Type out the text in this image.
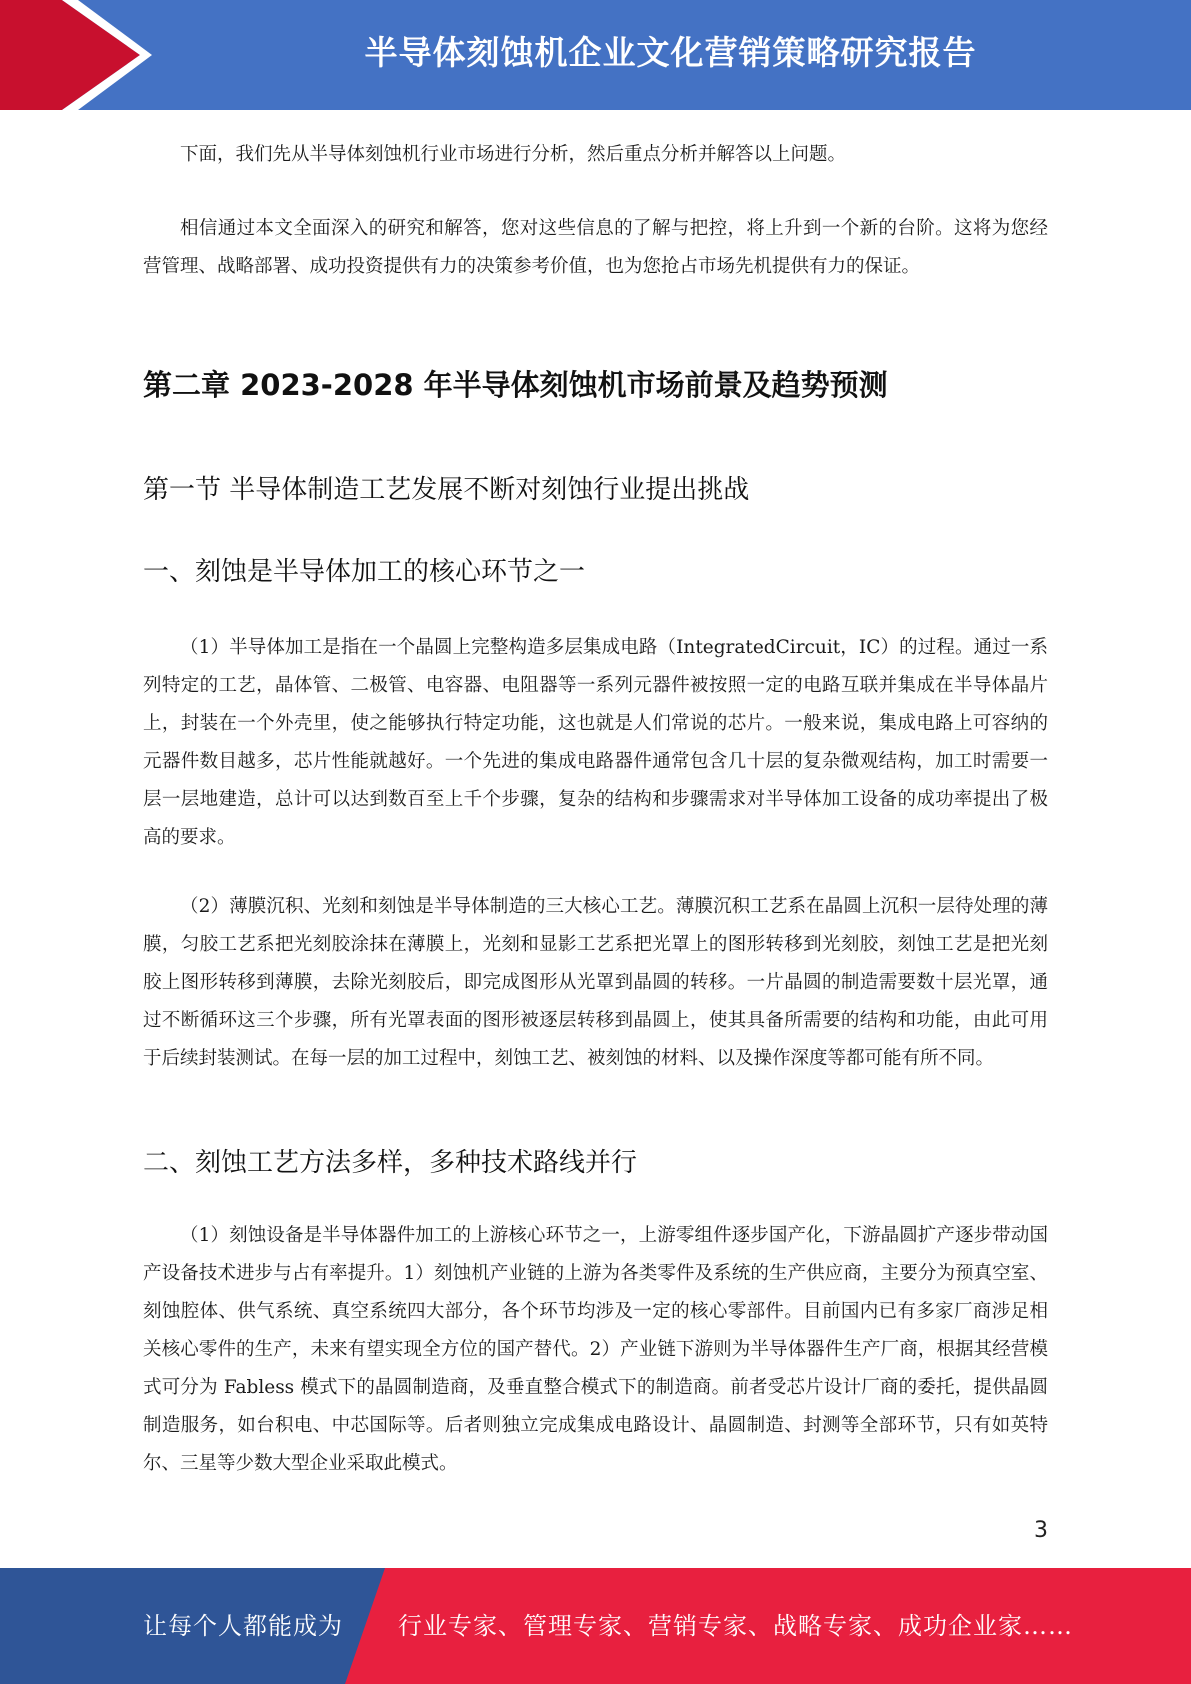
半导体刻蚀机企业文化营销策略研究报告

下面，我们先从半导体刻蚀机行业市场进行分析，然后重点分析并解答以上问题。

相信通过本文全面深入的研究和解答，您对这些信息的了解与把控，将上升到一个新的台阶。这将为您经营管理、战略部署、成功投资提供有力的决策参考价值，也为您抢占市场先机提供有力的保证。

第二章 2023-2028 年半导体刻蚀机市场前景及趋势预测
第一节 半导体制造工艺发展不断对刻蚀行业提出挑战
一、刻蚀是半导体加工的核心环节之一

（1）半导体加工是指在一个晶圆上完整构造多层集成电路（IntegratedCircuit，IC）的过程。通过一系列特定的工艺，晶体管、二极管、电容器、电阻器等一系列元器件被按照一定的电路互联并集成在半导体晶片上，封装在一个外壳里，使之能够执行特定功能，这也就是人们常说的芯片。一般来说，集成电路上可容纳的元器件数目越多，芯片性能就越好。一个先进的集成电路器件通常包含几十层的复杂微观结构，加工时需要一层一层地建造，总计可以达到数百至上千个步骤，复杂的结构和步骤需求对半导体加工设备的成功率提出了极高的要求。

（2）薄膜沉积、光刻和刻蚀是半导体制造的三大核心工艺。薄膜沉积工艺系在晶圆上沉积一层待处理的薄膜，匀胶工艺系把光刻胶涂抹在薄膜上，光刻和显影工艺系把光罩上的图形转移到光刻胶，刻蚀工艺是把光刻胶上图形转移到薄膜，去除光刻胶后，即完成图形从光罩到晶圆的转移。一片晶圆的制造需要数十层光罩，通过不断循环这三个步骤，所有光罩表面的图形被逐层转移到晶圆上，使其具备所需要的结构和功能，由此可用于后续封装测试。在每一层的加工过程中，刻蚀工艺、被刻蚀的材料、以及操作深度等都可能有所不同。

二、刻蚀工艺方法多样，多种技术路线并行

（1）刻蚀设备是半导体器件加工的上游核心环节之一，上游零组件逐步国产化，下游晶圆扩产逐步带动国产设备技术进步与占有率提升。1）刻蚀机产业链的上游为各类零件及系统的生产供应商，主要分为预真空室、刻蚀腔体、供气系统、真空系统四大部分，各个环节均涉及一定的核心零部件。目前国内已有多家厂商涉足相关核心零件的生产，未来有望实现全方位的国产替代。2）产业链下游则为半导体器件生产厂商，根据其经营模式可分为 Fabless 模式下的晶圆制造商，及垂直整合模式下的制造商。前者受芯片设计厂商的委托，提供晶圆制造服务，如台积电、中芯国际等。后者则独立完成集成电路设计、晶圆制造、封测等全部环节，只有如英特尔、三星等少数大型企业采取此模式。

3
让每个人都能成为 行业专家、管理专家、营销专家、战略专家、成功企业家……
